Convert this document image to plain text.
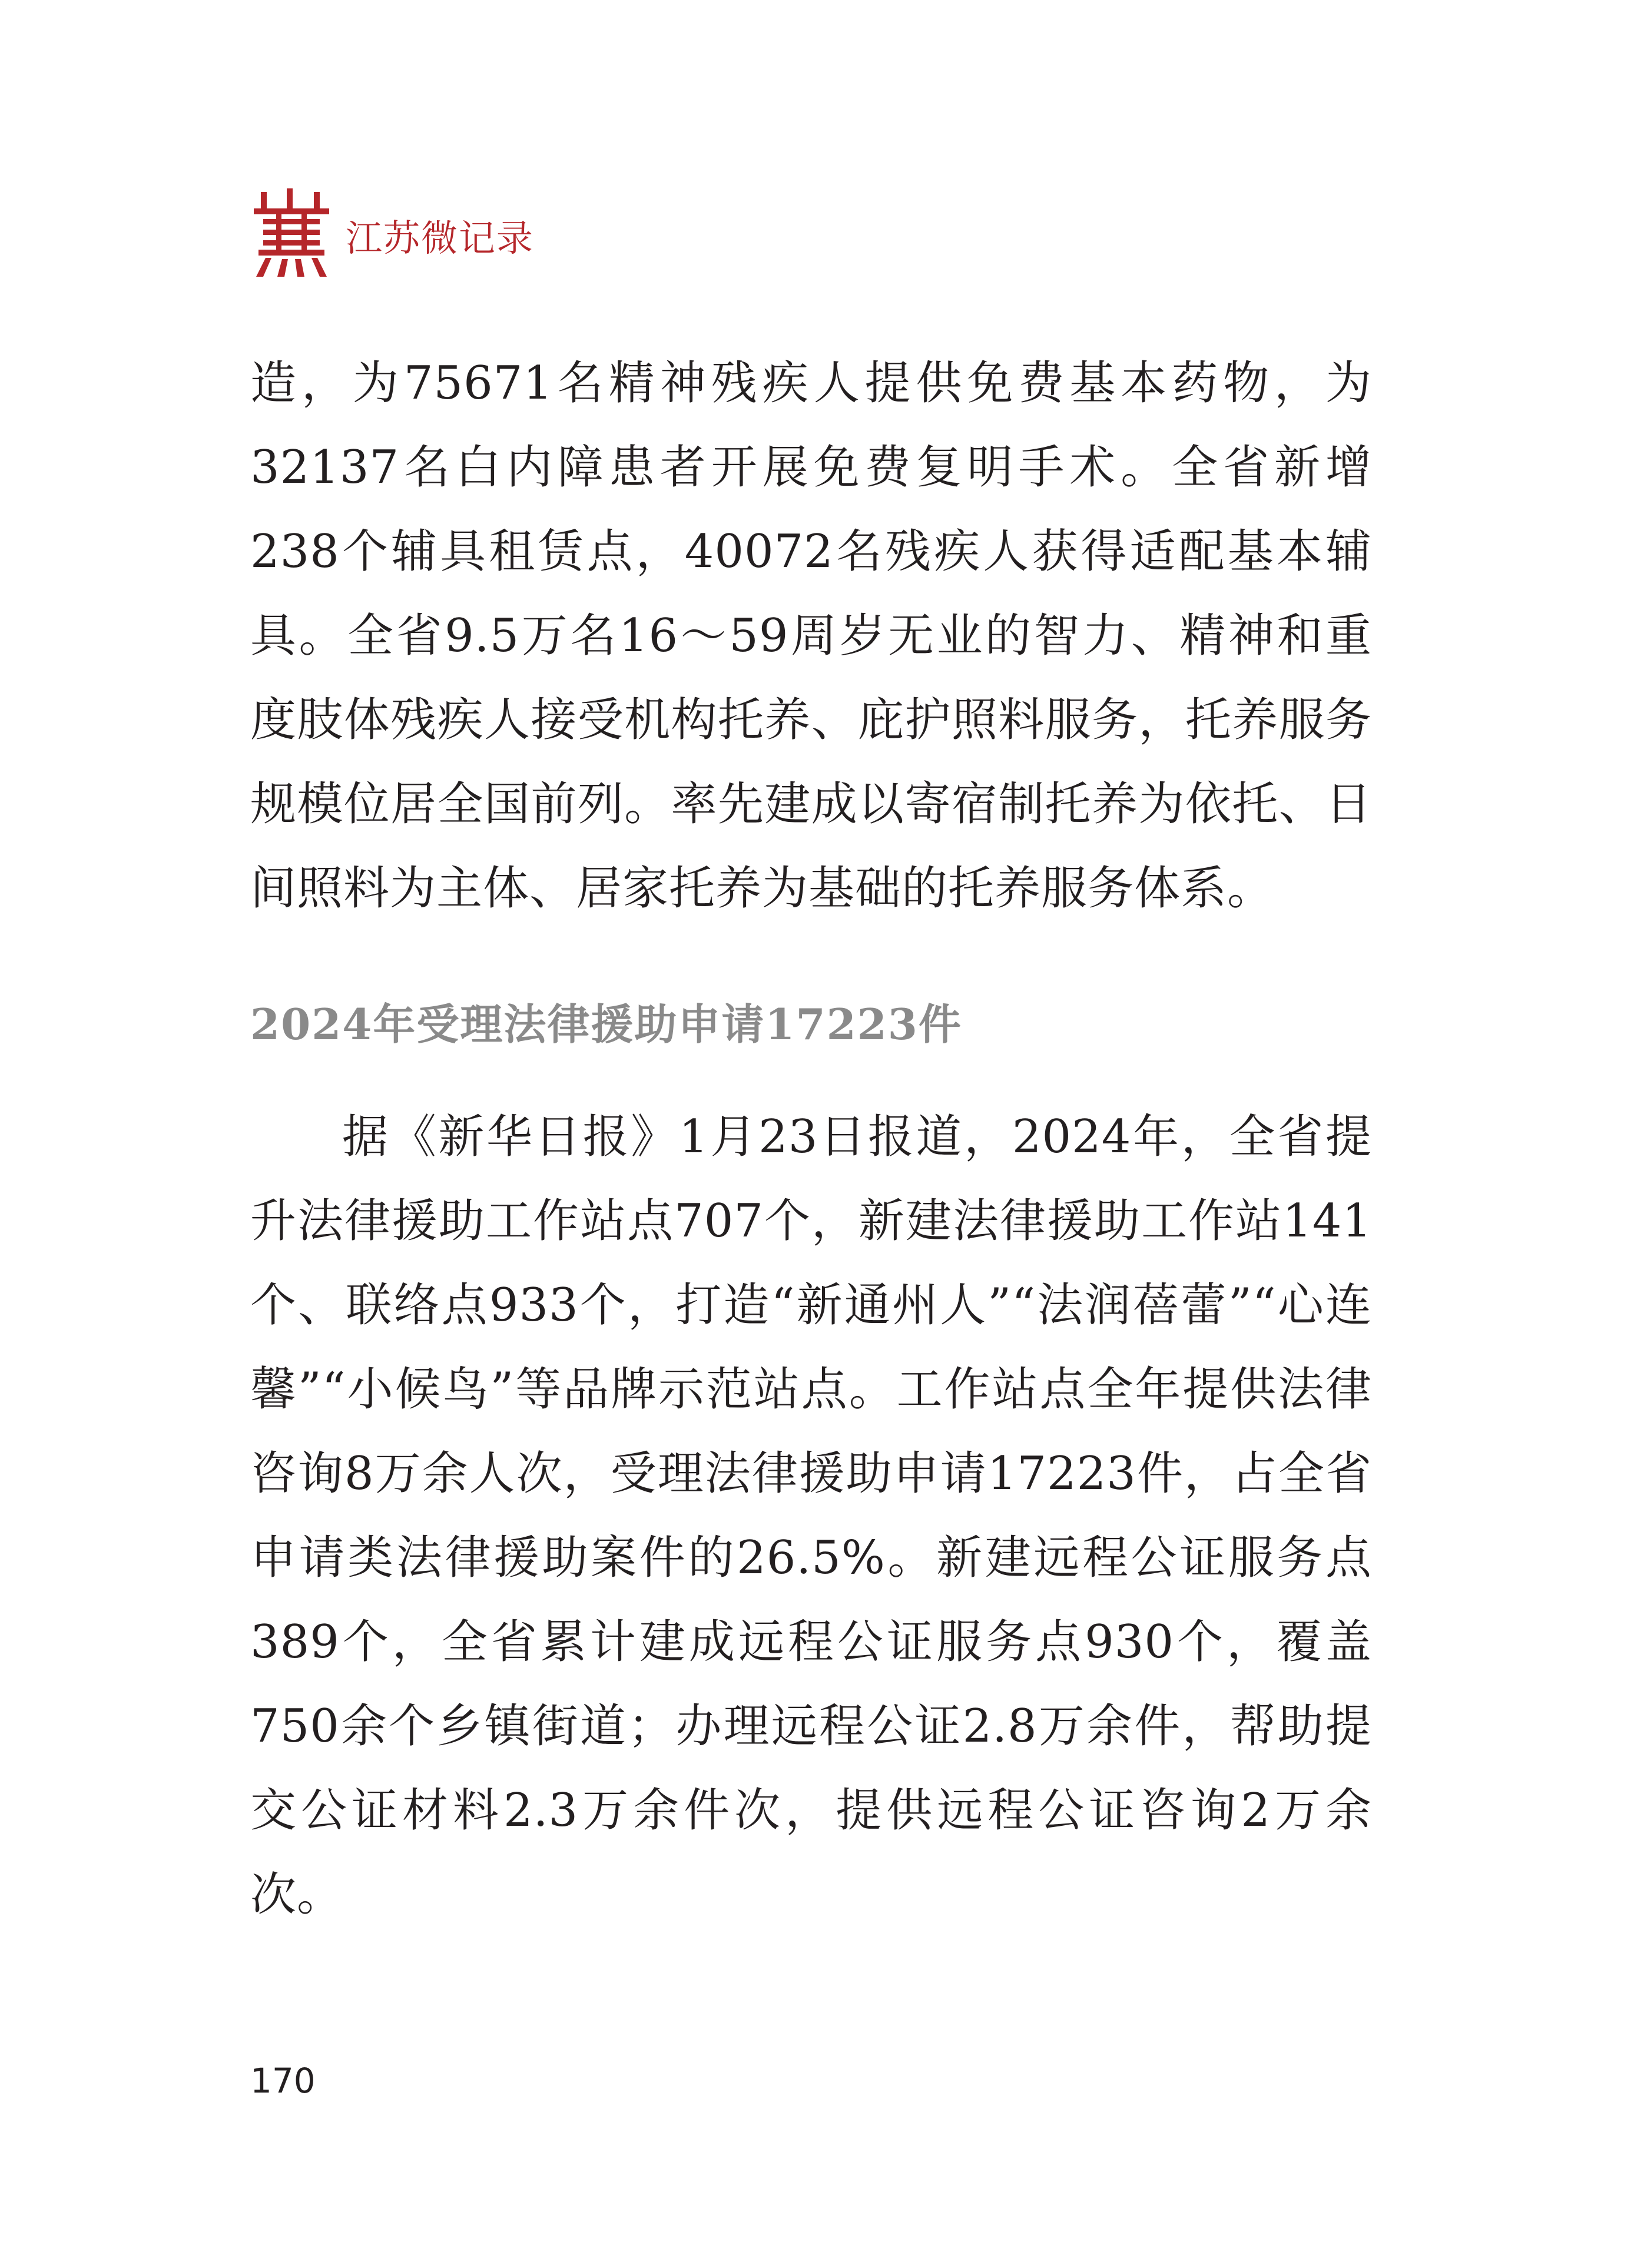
江苏微记录

造，为75671名精神残疾人提供免费基本药物，为32137名白内障患者开展免费复明手术。全省新增238个辅具租赁点，40072名残疾人获得适配基本辅具。全省9.5万名16～59周岁无业的智力、精神和重度肢体残疾人接受机构托养、庇护照料服务，托养服务规模位居全国前列。率先建成以寄宿制托养为依托、日间照料为主体、居家托养为基础的托养服务体系。

2024年受理法律援助申请17223件

据《新华日报》1月23日报道，2024年，全省提升法律援助工作站点707个，新建法律援助工作站141个、联络点933个，打造“新通州人”“法润蓓蕾”“心连馨”“小候鸟”等品牌示范站点。工作站点全年提供法律咨询8万余人次，受理法律援助申请17223件，占全省申请类法律援助案件的26.5%。新建远程公证服务点389个，全省累计建成远程公证服务点930个，覆盖750余个乡镇街道；办理远程公证2.8万余件，帮助提交公证材料2.3万余件次，提供远程公证咨询2万余次。

170
